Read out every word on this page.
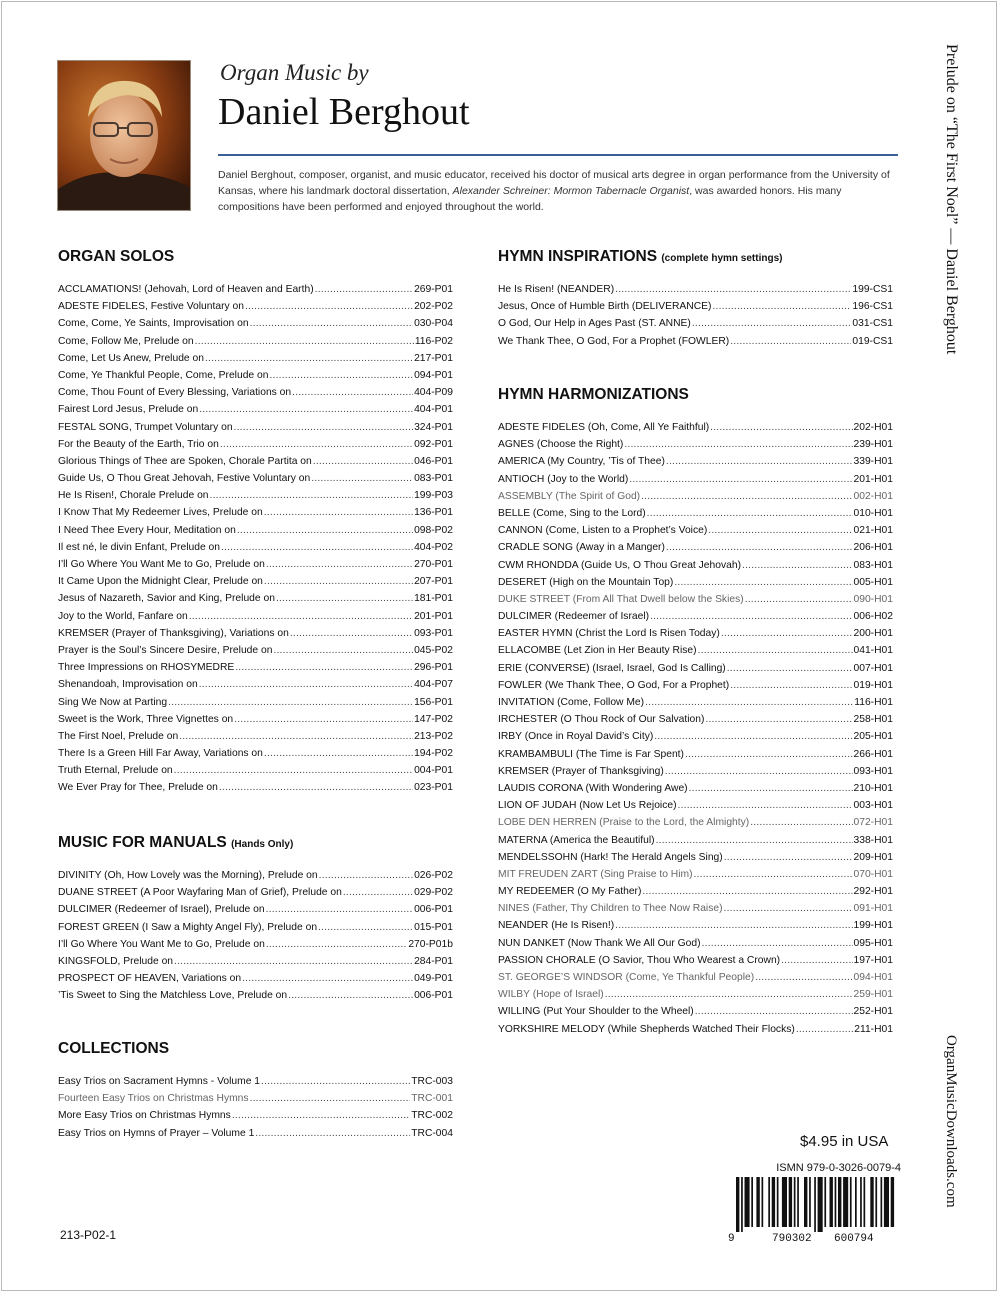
Organ Music by
Daniel Berghout
Daniel Berghout, composer, organist, and music educator, received his doctor of musical arts degree in organ performance from the University of Kansas, where his landmark doctoral dissertation, Alexander Schreiner: Mormon Tabernacle Organist, was awarded honors. His many compositions have been performed and enjoyed throughout the world.
ORGAN SOLOS
ACCLAMATIONS! (Jehovah, Lord of Heaven and Earth) .....	269-P01
ADESTE FIDELES, Festive Voluntary on .....	202-P02
Come, Come, Ye Saints, Improvisation on .....	030-P04
Come, Follow Me, Prelude on .....	116-P02
Come, Let Us Anew, Prelude on .....	217-P01
Come, Ye Thankful People, Come, Prelude on .....	094-P01
Come, Thou Fount of Every Blessing, Variations on .....	404-P09
Fairest Lord Jesus, Prelude on .....	404-P01
FESTAL SONG, Trumpet Voluntary on .....	324-P01
For the Beauty of the Earth, Trio on .....	092-P01
Glorious Things of Thee are Spoken, Chorale Partita on .....	046-P01
Guide Us, O Thou Great Jehovah, Festive Voluntary on .....	083-P01
He Is Risen!, Chorale Prelude on .....	199-P03
I Know That My Redeemer Lives, Prelude on .....	136-P01
I Need Thee Every Hour, Meditation on .....	098-P02
Il est né, le divin Enfant, Prelude on .....	404-P02
I’ll Go Where You Want Me to Go, Prelude on .....	270-P01
It Came Upon the Midnight Clear, Prelude on .....	207-P01
Jesus of Nazareth, Savior and King, Prelude on .....	181-P01
Joy to the World, Fanfare on .....	201-P01
KREMSER (Prayer of Thanksgiving), Variations on .....	093-P01
Prayer is the Soul’s Sincere Desire, Prelude on .....	045-P02
Three Impressions on RHOSYMEDRE .....	296-P01
Shenandoah, Improvisation on .....	404-P07
Sing We Now at Parting .....	156-P01
Sweet is the Work, Three Vignettes on .....	147-P02
The First Noel, Prelude on .....	213-P02
There Is a Green Hill Far Away, Variations on .....	194-P02
Truth Eternal, Prelude on .....	004-P01
We Ever Pray for Thee, Prelude on .....	023-P01
MUSIC FOR MANUALS (Hands Only)
DIVINITY (Oh, How Lovely was the Morning), Prelude on .....	026-P02
DUANE STREET (A Poor Wayfaring Man of Grief), Prelude on .....	029-P02
DULCIMER (Redeemer of Israel), Prelude on .....	006-P01
FOREST GREEN (I Saw a Mighty Angel Fly), Prelude on .....	015-P01
I’ll Go Where You Want Me to Go, Prelude on .....	270-P01b
KINGSFOLD, Prelude on .....	284-P01
PROSPECT OF HEAVEN, Variations on .....	049-P01
’Tis Sweet to Sing the Matchless Love, Prelude on .....	006-P01
COLLECTIONS
Easy Trios on Sacrament Hymns - Volume 1 .....	TRC-003
Fourteen Easy Trios on Christmas Hymns .....	TRC-001
More Easy Trios on Christmas Hymns .....	TRC-002
Easy Trios on Hymns of Prayer – Volume 1 .....	TRC-004
HYMN INSPIRATIONS (complete hymn settings)
He Is Risen! (NEANDER) .....	199-CS1
Jesus, Once of Humble Birth (DELIVERANCE) .....	196-CS1
O God, Our Help in Ages Past (ST. ANNE) .....	031-CS1
We Thank Thee, O God, For a Prophet (FOWLER) .....	019-CS1
HYMN HARMONIZATIONS
ADESTE FIDELES (Oh, Come, All Ye Faithful) .....	202-H01
AGNES (Choose the Right) .....	239-H01
AMERICA (My Country, ’Tis of Thee) .....	339-H01
ANTIOCH (Joy to the World) .....	201-H01
ASSEMBLY (The Spirit of God) .....	002-H01
BELLE (Come, Sing to the Lord) .....	010-H01
CANNON (Come, Listen to a Prophet’s Voice) .....	021-H01
CRADLE SONG (Away in a Manger) .....	206-H01
CWM RHONDDA (Guide Us, O Thou Great Jehovah) .....	083-H01
DESERET (High on the Mountain Top) .....	005-H01
DUKE STREET (From All That Dwell below the Skies) .....	090-H01
DULCIMER (Redeemer of Israel) .....	006-H02
EASTER HYMN (Christ the Lord Is Risen Today) .....	200-H01
ELLACOMBE (Let Zion in Her Beauty Rise) .....	041-H01
ERIE (CONVERSE) (Israel, Israel, God Is Calling) .....	007-H01
FOWLER (We Thank Thee, O God, For a Prophet) .....	019-H01
INVITATION (Come, Follow Me) .....	116-H01
IRCHESTER (O Thou Rock of Our Salvation) .....	258-H01
IRBY (Once in Royal David’s City) .....	205-H01
KRAMBAMBULI (The Time is Far Spent) .....	266-H01
KREMSER (Prayer of Thanksgiving) .....	093-H01
LAUDIS CORONA (With Wondering Awe) .....	210-H01
LION OF JUDAH (Now Let Us Rejoice) .....	003-H01
LOBE DEN HERREN (Praise to the Lord, the Almighty) .....	072-H01
MATERNA (America the Beautiful) .....	338-H01
MENDELSSOHN (Hark! The Herald Angels Sing) .....	209-H01
MIT FREUDEN ZART (Sing Praise to Him) .....	070-H01
MY REDEEMER (O My Father) .....	292-H01
NINES (Father, Thy Children to Thee Now Raise) .....	091-H01
NEANDER (He Is Risen!) .....	199-H01
NUN DANKET (Now Thank We All Our God) .....	095-H01
PASSION CHORALE (O Savior, Thou Who Wearest a Crown) .....	197-H01
ST. GEORGE’S WINDSOR (Come, Ye Thankful People) .....	094-H01
WILBY (Hope of Israel) .....	259-H01
WILLING (Put Your Shoulder to the Wheel) .....	252-H01
YORKSHIRE MELODY (While Shepherds Watched Their Flocks) .....	211-H01
$4.95 in USA
ISMN 979-0-3026-0079-4
9	790302 600794
Prelude on “The First Noel” — Daniel Berghout
OrganMusicDownloads.com
213-P02-1
